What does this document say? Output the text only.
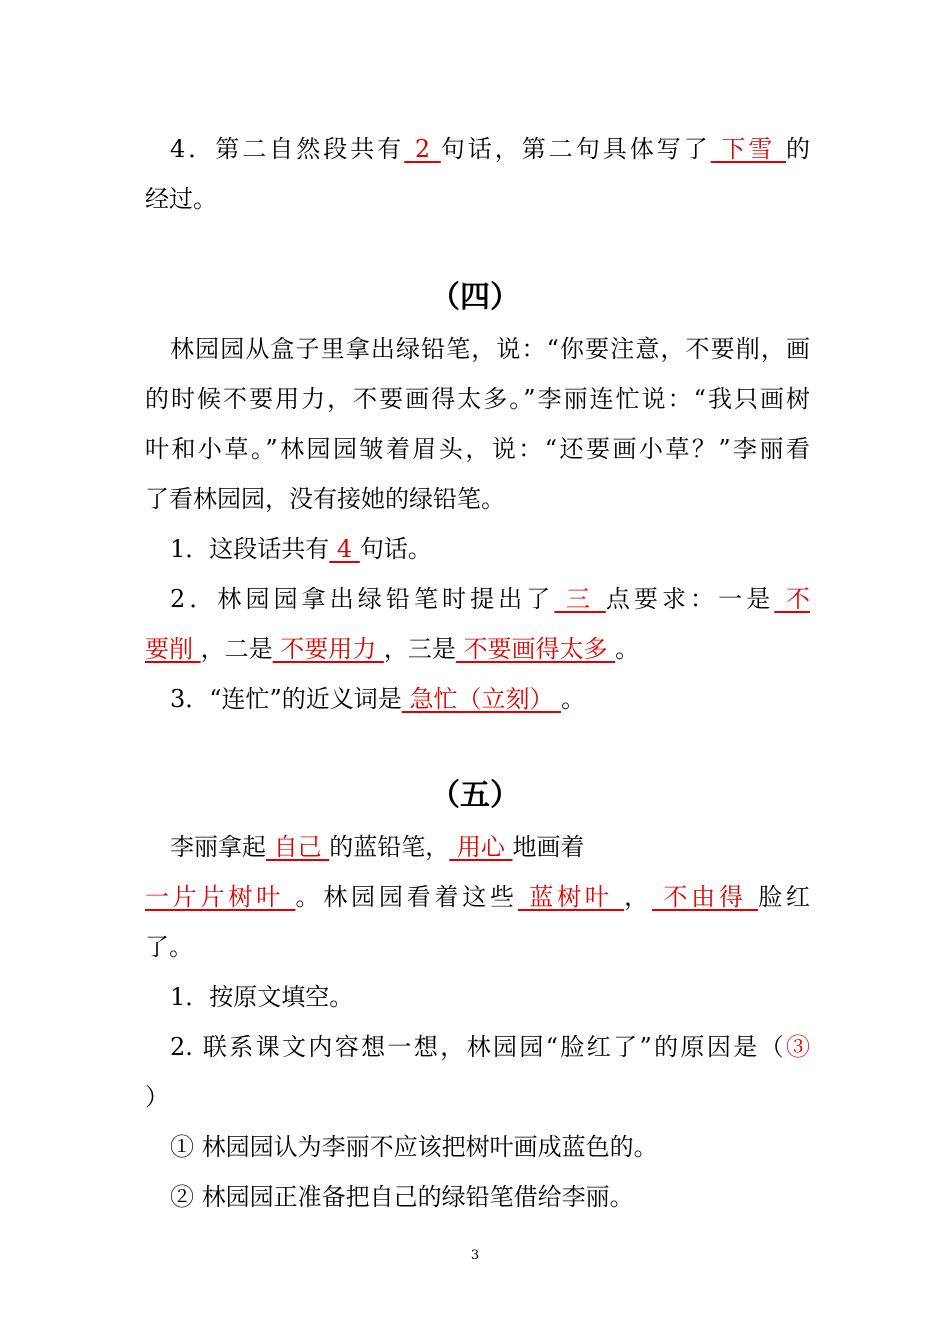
4．第二自然段共有 2 句话，第二句具体写了 下雪 的
经过。
（四）
林园园从盒子里拿出绿铅笔，说：“你要注意，不要削，画
的时候不要用力，不要画得太多。”李丽连忙说：“我只画树
叶和小草。”林园园皱着眉头，说：“还要画小草？”李丽看
了看林园园，没有接她的绿铅笔。
1．这段话共有 4 句话。
2．林园园拿出绿铅笔时提出了 三 点要求：一是 不
要削 ，二是 不要用力 ，三是 不要画得太多 。
3．“连忙”的近义词是 急忙（立刻） 。
（五）
李丽拿起 自己 的蓝铅笔， 用心 地画着
一片片树叶 。林园园看着这些 蓝树叶 ， 不由得 脸红
了。
1．按原文填空。
2. 联系课文内容想一想，林园园“脸红了”的原因是（③
）
① 林园园认为李丽不应该把树叶画成蓝色的。
② 林园园正准备把自己的绿铅笔借给李丽。
3
